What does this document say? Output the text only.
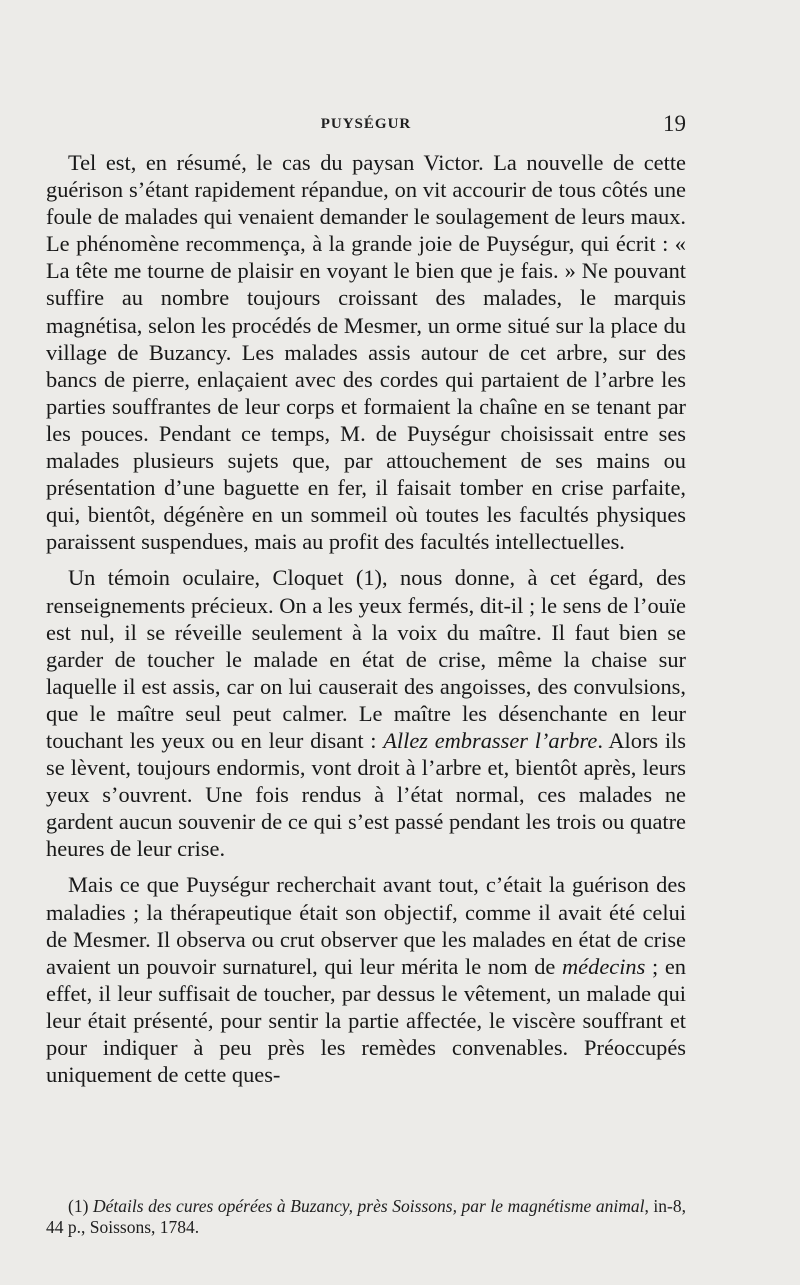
PUYSÉGUR	19

Tel est, en résumé, le cas du paysan Victor. La nouvelle de cette guérison s’étant rapidement répandue, on vit accourir de tous côtés une foule de malades qui venaient demander le soulagement de leurs maux. Le phénomène recommença, à la grande joie de Puységur, qui écrit : « La tête me tourne de plaisir en voyant le bien que je fais. » Ne pouvant suffire au nombre toujours croissant des malades, le marquis magnétisa, selon les procédés de Mesmer, un orme situé sur la place du village de Buzancy. Les malades assis autour de cet arbre, sur des bancs de pierre, enlaçaient avec des cordes qui partaient de l’arbre les parties souffrantes de leur corps et formaient la chaîne en se tenant par les pouces. Pendant ce temps, M. de Puységur choisissait entre ses malades plusieurs sujets que, par attouchement de ses mains ou présentation d’une baguette en fer, il faisait tomber en crise parfaite, qui, bientôt, dégénère en un sommeil où toutes les facultés physiques paraissent suspendues, mais au profit des facultés intellectuelles.

Un témoin oculaire, Cloquet (1), nous donne, à cet égard, des renseignements précieux. On a les yeux fermés, dit-il ; le sens de l’ouïe est nul, il se réveille seulement à la voix du maître. Il faut bien se garder de toucher le malade en état de crise, même la chaise sur laquelle il est assis, car on lui causerait des angoisses, des convulsions, que le maître seul peut calmer. Le maître les désenchante en leur touchant les yeux ou en leur disant : Allez embrasser l’arbre. Alors ils se lèvent, toujours endormis, vont droit à l’arbre et, bientôt après, leurs yeux s’ouvrent. Une fois rendus à l’état normal, ces malades ne gardent aucun souvenir de ce qui s’est passé pendant les trois ou quatre heures de leur crise.

Mais ce que Puységur recherchait avant tout, c’était la guérison des maladies ; la thérapeutique était son objectif, comme il avait été celui de Mesmer. Il observa ou crut observer que les malades en état de crise avaient un pouvoir surnaturel, qui leur mérita le nom de médecins ; en effet, il leur suffisait de toucher, par dessus le vêtement, un malade qui leur était présenté, pour sentir la partie affectée, le viscère souffrant et pour indiquer à peu près les remèdes convenables. Préoccupés uniquement de cette ques-

(1) Détails des cures opérées à Buzancy, près Soissons, par le magnétisme animal, in-8, 44 p., Soissons, 1784.
